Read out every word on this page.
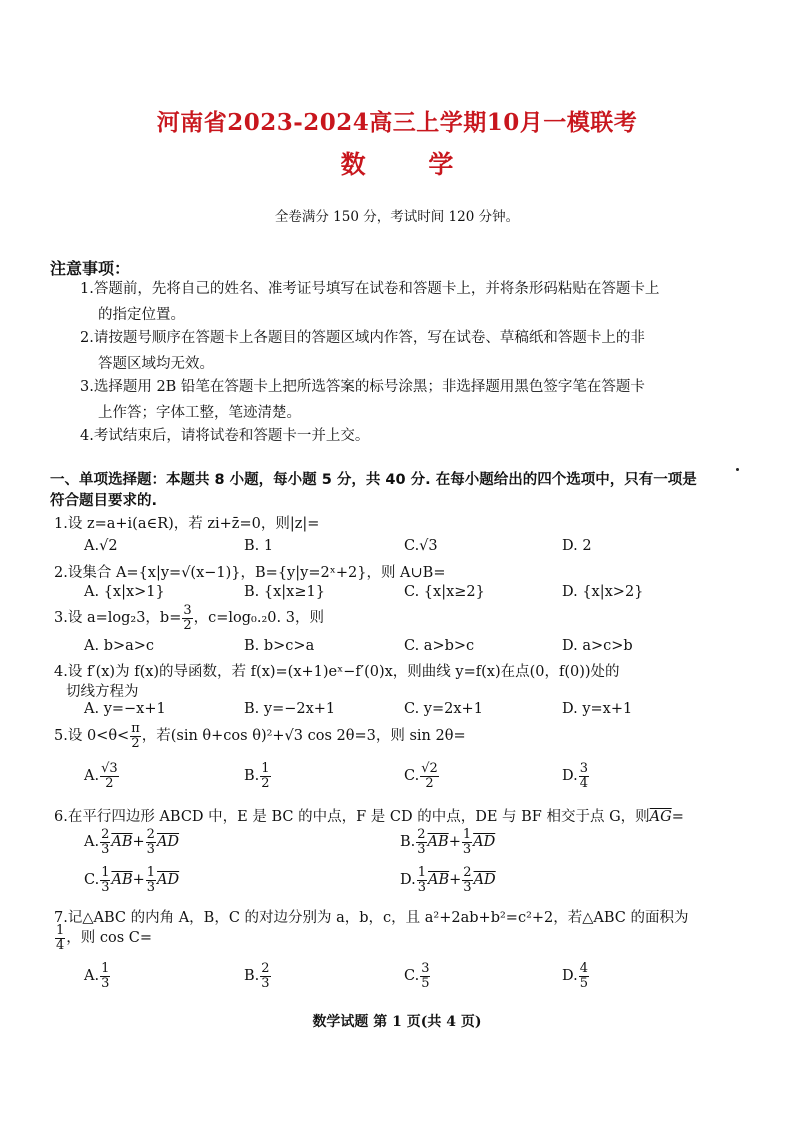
河南省2023-2024高三上学期10月一模联考
数 学
全卷满分 150 分，考试时间 120 分钟。
注意事项：
1.答题前，先将自己的姓名、准考证号填写在试卷和答题卡上，并将条形码粘贴在答题卡上
的指定位置。
2.请按题号顺序在答题卡上各题目的答题区域内作答，写在试卷、草稿纸和答题卡上的非
答题区域均无效。
3.选择题用 2B 铅笔在答题卡上把所选答案的标号涂黑；非选择题用黑色签字笔在答题卡
上作答；字体工整，笔迹清楚。
4.考试结束后，请将试卷和答题卡一并上交。

一、单项选择题：本题共 8 小题，每小题 5 分，共 40 分. 在每小题给出的四个选项中，只有一项是符合题目要求的.
1.设 z=a+i(a∈R)，若 zi+z̄=0，则|z|=
A.√2	B. 1	C.√3	D. 2
2.设集合 A={x|y=√(x−1)}，B={y|y=2ˣ+2}，则 A∪B=
A. {x|x>1}	B. {x|x≥1}	C. {x|x≥2}	D. {x|x>2}
3.设 a=log₂3，$b= \frac{3}{2}$ ，c=log₀.₂0. 3，则
A. b>a>c	B. b>c>a	C. a>b>c	D. a>c>b
4.设 f′(x)为 f(x)的导函数，若 f(x)=(x+1)eˣ−f′(0)x，则曲线 y=f(x)在点(0，f(0))处的
切线方程为
A. y=−x+1	B. y=−2x+1	C. y=2x+1	D. y=x+1
5.设 $0<\theta< \frac{\pi}{2}$ ，若(sin θ+cos θ)²+√3 cos 2θ=3，则 sin 2θ=
A. $\frac{√3}{2}$	B. $\frac{1}{2}$	C. $\frac{√2}{2}$	D. $\frac{3}{4}$
6.在平行四边形 ABCD 中，E 是 BC 的中点，F 是 CD 的中点，DE 与 BF 相交于点 G，则$\overline{AG}=$
A. $\frac{2}{3} \overline{AB}+ \frac{2}{3} \overline{AD}$	B. $\frac{2}{3} \overline{AB}+ \frac{1}{3} \overline{AD}$
C. $\frac{1}{3} \overline{AB}+ \frac{1}{3} \overline{AD}$	D. $\frac{1}{3} \overline{AB}+ \frac{2}{3} \overline{AD}$
7.记△ABC 的内角 A，B，C 的对边分别为 a，b，c，且 a²+2ab+b²=c²+2，若△ABC 的面积为
$\frac{1}{4}$ ，则 cos C=
A. $\frac{1}{3}$	B. $\frac{2}{3}$	C. $\frac{3}{5}$	D. $\frac{4}{5}$
数学试题 第 1 页(共 4 页)
